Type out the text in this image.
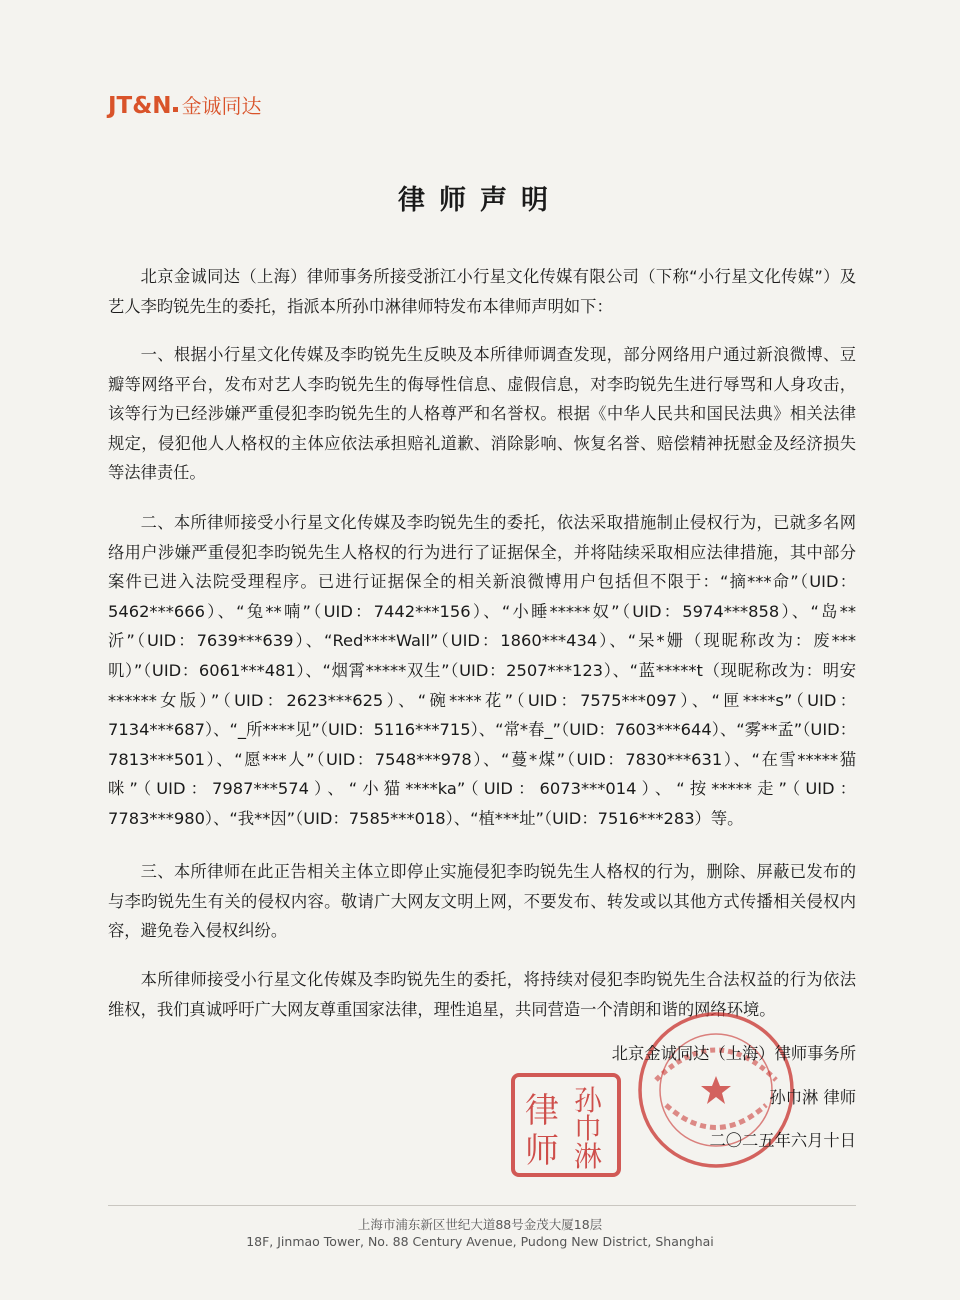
JT&N 金诚同达
律师声明

北京金诚同达（上海）律师事务所接受浙江小行星文化传媒有限公司（下称“小行星文化传媒”）及艺人李昀锐先生的委托，指派本所孙巾淋律师特发布本律师声明如下：

一、根据小行星文化传媒及李昀锐先生反映及本所律师调查发现，部分网络用户通过新浪微博、豆瓣等网络平台，发布对艺人李昀锐先生的侮辱性信息、虚假信息，对李昀锐先生进行辱骂和人身攻击，该等行为已经涉嫌严重侵犯李昀锐先生的人格尊严和名誉权。根据《中华人民共和国民法典》相关法律规定，侵犯他人人格权的主体应依法承担赔礼道歉、消除影响、恢复名誉、赔偿精神抚慰金及经济损失等法律责任。

二、本所律师接受小行星文化传媒及李昀锐先生的委托，依法采取措施制止侵权行为，已就多名网络用户涉嫌严重侵犯李昀锐先生人格权的行为进行了证据保全，并将陆续采取相应法律措施，其中部分案件已进入法院受理程序。已进行证据保全的相关新浪微博用户包括但不限于：“摘***命”（UID：5462***666）、“兔**喃”（UID：7442***156）、“小睡*****奴”（UID：5974***858）、“岛**沂”（UID：7639***639）、“Red****Wall”（UID：1860***434）、“呆*姗（现昵称改为：废***叽）”（UID：6061***481）、“烟霄*****双生”（UID：2507***123）、“蓝*****t（现昵称改为：明安******女版）”（UID：2623***625）、“碗****花”（UID：7575***097）、“匣****s”（UID：7134***687）、“_所****见”（UID：5116***715）、“常*春_”（UID：7603***644）、“雾**孟”（UID：7813***501）、“愿***人”（UID：7548***978）、“蔓*煤”（UID：7830***631）、“在雪*****猫咪”（UID：7987***574）、“小猫****ka”（UID：6073***014）、“按*****走”（UID：7783***980）、“我**因”（UID：7585***018）、“植***址”（UID：7516***283）等。

三、本所律师在此正告相关主体立即停止实施侵犯李昀锐先生人格权的行为，删除、屏蔽已发布的与李昀锐先生有关的侵权内容。敬请广大网友文明上网，不要发布、转发或以其他方式传播相关侵权内容，避免卷入侵权纠纷。

本所律师接受小行星文化传媒及李昀锐先生的委托，将持续对侵犯李昀锐先生合法权益的行为依法维权，我们真诚呼吁广大网友尊重国家法律，理性追星，共同营造一个清朗和谐的网络环境。

北京金诚同达（上海）律师事务所
孙巾淋 律师
二〇二五年六月十日
孙
巾
淋
律
师
上海市浦东新区世纪大道88号金茂大厦18层
18F, Jinmao Tower, No. 88 Century Avenue, Pudong New District, Shanghai
